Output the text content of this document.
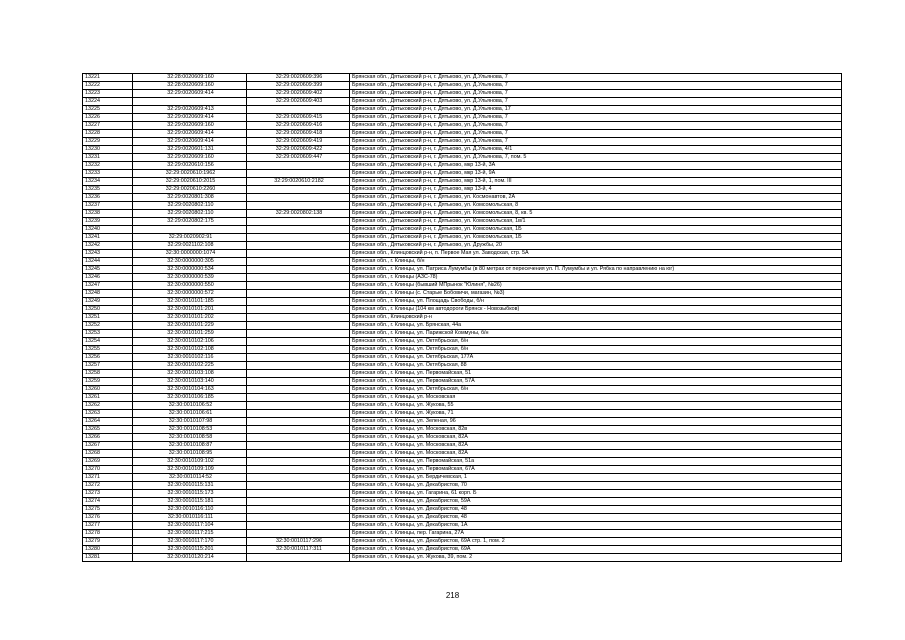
13221	32:28:0020609:160	32:29:0020609:396	Брянская обл., Дятьковский р-н, г. Дятьково, ул. Д.Ульянова, 7
13222	32:28:0020609:160	32:29:0020609:399	Брянская обл., Дятьковский р-н, г. Дятьково, ул. Д.Ульянова, 7
13223	32:29:0020609:414	32:29:0020609:402	Брянская обл., Дятьковский р-н, г. Дятьково, ул. Д.Ульянова, 7
13224		32:29:0020609:403	Брянская обл., Дятьковский р-н, г. Дятьково, ул. Д.Ульянова, 7
13225	32:29:0020609:413		Брянская обл., Дятьковский р-н, г. Дятьково, ул. Д.Ульянова, 17
13226	32:29:0020609:414	32:29:0020609:415	Брянская обл., Дятьковский р-н, г. Дятьково, ул. Д.Ульянова, 7
13227	32:29:0020609:160	32:29:0020609:416	Брянская обл., Дятьковский р-н, г. Дятьково, ул. Д.Ульянова, 7
13228	32:29:0020609:414	32:29:0020609:418	Брянская обл., Дятьковский р-н, г. Дятьково, ул. Д.Ульянова, 7
13229	32:29:0020609:414	32:29:0020609:419	Брянская обл., Дятьковский р-н, г. Дятьково, ул. Д.Ульянова, 7
13230	32:29:0020601:131	32:29:0020609:422	Брянская обл., Дятьковский р-н, г. Дятьково, ул. Д.Ульянова, 4/1
13231	32:29:0020609:160	32:29:0020609:447	Брянская обл., Дятьковский р-н, г. Дятьково, ул. Д.Ульянова, 7, пом. 5
13232	32:29:0020610:156		Брянская обл., Дятьковский р-н, г. Дятьково, мкр 13-й, 3А
13233	32:29:0020610:1962		Брянская обл., Дятьковский р-н, г. Дятьково, мкр 13-й, 9А
13234	32:29:0020610:2015	32:29:0020610:2182	Брянская обл., Дятьковский р-н, г. Дятьково, мкр 13-й, 1, пом. III
13235	32:29:0020610:2260		Брянская обл., Дятьковский р-н, г. Дятьково, мкр 13-й, 4
13236	32:29:0020801:308		Брянская обл., Дятьковский р-н, г. Дятьково, ул. Космонавтов, 2А
13237	32:29:0020802:110		Брянская обл., Дятьковский р-н, г. Дятьково, ул. Комсомольская, 8
13238	32:29:0020802:110	32:29:0020802:138	Брянская обл., Дятьковский р-н, г. Дятьково, ул. Комсомольская, 8, кв. 5
13239	32:29:0020802:175		Брянская обл., Дятьковский р-н, г. Дятьково, ул. Комсомольская, 1в/1
13240			Брянская обл., Дятьковский р-н, г. Дятьково, ул. Комсомольская, 1Б
13241	32:29:0020902:91		Брянская обл., Дятьковский р-н, г. Дятьково, ул. Комсомольская, 1Б
13242	32:29:0021102:108		Брянская обл., Дятьковский р-н, г. Дятьково, ул. Дружбы, 20
13243	32:30:0000000:1074		Брянская обл., Клинцовский р-н, п. Первое Мая ул. Заводская, стр. 5А
13244	32:30:0000000:305		Брянская обл., г. Клинцы, б/н
13245	32:30:0000000:534		Брянская обл., г. Клинцы, ул. Патриса Лумумбы (в 80 метрах от пересечения ул. П. Лумумбы и ул. Рябка по направлению на юг)
13246	32:30:0000000:539		Брянская обл., г. Клинцы (АЗС-78)
13247	32:30:0000000:550		Брянская обл., г. Клинцы (бывший МПрынок "Юлиня", №26)
13248	32:30:0000000:572		Брянская обл., г. Клинцы (с. Старые Бобовичи, магазин, №3)
13249	32:30:0010101:185		Брянская обл., г. Клинцы, ул. Площадь Свободы, б/н
13250	32:30:0010101:201		Брянская обл., г. Клинцы (104 км автодороги Брянск - Новозыбков)
13251	32:30:0010101:202		Брянская обл., Клинцовский р-н
13252	32:30:0010101:229		Брянская обл., г. Клинцы, ул. Брянская, 44а
13253	32:30:0010101:259		Брянская обл., г. Клинцы, ул. Парижской Коммуны, б/н
13254	32:30:0010102:106		Брянская обл., г. Клинцы, ул. Октябрьская, б/н
13255	32:30:0010102:108		Брянская обл., г. Клинцы, ул. Октябрьская, б/н
13256	32:30:0010102:116		Брянская обл., г. Клинцы, ул. Октябрьская, 177А
13257	32:30:0010102:225		Брянская обл., г. Клинцы, ул. Октябрьская, 88
13258	32:30:0010103:108		Брянская обл., г. Клинцы, ул. Первомайская, 51
13259	32:30:0010103:140		Брянская обл., г. Клинцы, ул. Первомайская, 57А
13260	32:30:0010104:163		Брянская обл., г. Клинцы, ул. Октябрьская, б/н
13261	32:30:0010106:185		Брянская обл., г. Клинцы, ул. Московская
13262	32:30:0010106:52		Брянская обл., г. Клинцы, ул. Жукова, 55
13263	32:30:0010106:61		Брянская обл., г. Клинцы, ул. Жукова, 71
13264	32:30:0010107:98		Брянская обл., г. Клинцы, ул. Зеленая, 96
13265	32:30:0010108:53		Брянская обл., г. Клинцы, ул. Московская, 82в
13266	32:30:0010108:58		Брянская обл., г. Клинцы, ул. Московская, 82А
13267	32:30:0010108:87		Брянская обл., г. Клинцы, ул. Московская, 82А
13268	32:30:0010108:95		Брянская обл., г. Клинцы, ул. Московская, 82А
13269	32:30:0010109:102		Брянская обл., г. Клинцы, ул. Первомайская, 51а
13270	32:30:0010109:109		Брянская обл., г. Клинцы, ул. Первомайская, 67А
13271	32:30:0010114:52		Брянская обл., г. Клинцы, ул. Бердичевская, 1
13272	32:30:0010115:131		Брянская обл., г. Клинцы, ул. Декабристов, 70
13273	32:30:0010115:173		Брянская обл., г. Клинцы, ул. Гагарина, 61 корп. Б
13274	32:30:0010115:181		Брянская обл., г. Клинцы, ул. Декабристов, 59А
13275	32:30:0010116:110		Брянская обл., г. Клинцы, ул. Декабристов, 48
13276	32:30:0010116:111		Брянская обл., г. Клинцы, ул. Декабристов, 48
13277	32:30:0010117:104		Брянская обл., г. Клинцы, ул. Декабристов, 1А
13278	32:30:0010117:215		Брянская обл., г. Клинцы, пер. Гагарина, 27А
13279	32:30:0010117:170	32:30:0010117:296	Брянская обл., г. Клинцы, ул. Декабристов, 69А стр. 1, пом. 2
13280	32:30:0010115:201	32:30:0010117:311	Брянская обл., г. Клинцы, ул. Декабристов, 69А
13281	32:30:0010120:214		Брянская обл., г. Клинцы, ул. Жукова, 39, пом. 2
218
